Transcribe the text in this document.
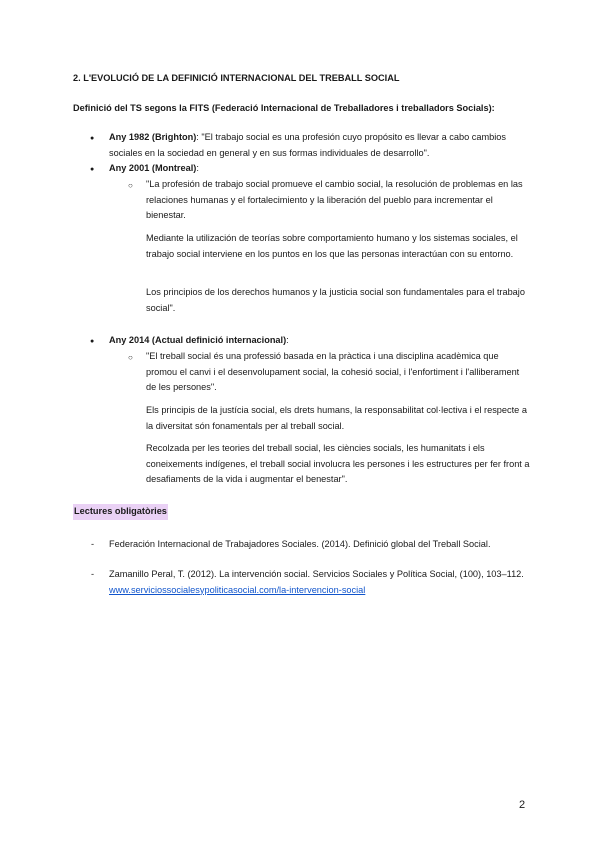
2. L'EVOLUCIÓ DE LA DEFINICIÓ INTERNACIONAL DEL TREBALL SOCIAL
Definició del TS segons la FITS (Federació Internacional de Treballadores i treballadors Socials):
● Any 1982 (Brighton): "El trabajo social es una profesión cuyo propósito es llevar a cabo cambios sociales en la sociedad en general y en sus formas individuales de desarrollo".
● Any 2001 (Montreal):
○ "La profesión de trabajo social promueve el cambio social, la resolución de problemas en las relaciones humanas y el fortalecimiento y la liberación del pueblo para incrementar el bienestar.
Mediante la utilización de teorías sobre comportamiento humano y los sistemas sociales, el trabajo social interviene en los puntos en los que las personas interactúan con su entorno.
Los principios de los derechos humanos y la justicia social son fundamentales para el trabajo social".
● Any 2014 (Actual definició internacional):
○ "El treball social és una professió basada en la pràctica i una disciplina acadèmica que promou el canvi i el desenvolupament social, la cohesió social, i l'enfortiment i l'alliberament de les persones".
Els principis de la justícia social, els drets humans, la responsabilitat col·lectiva i el respecte a la diversitat són fonamentals per al treball social.
Recolzada per les teories del treball social, les ciències socials, les humanitats i els coneixements indígenes, el treball social involucra les persones i les estructures per fer front a desafiaments de la vida i augmentar el benestar".
Lectures obligatòries
- Federación Internacional de Trabajadores Sociales. (2014). Definició global del Treball Social.
- Zamanillo Peral, T. (2012). La intervención social. Servicios Sociales y Política Social, (100), 103–112. www.serviciossocialesypoliticasocial.com/la-intervencion-social
2
